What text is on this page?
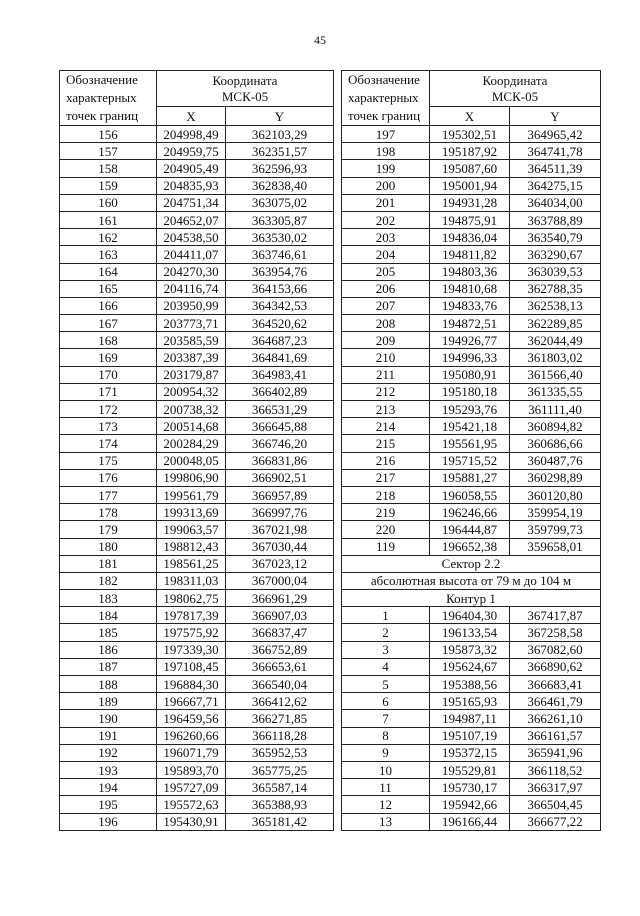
45
Обозначение
характерных
точек границ	Координата
МСК-05	
	X	Y
156	204998,49	362103,29
157	204959,75	362351,57
158	204905,49	362596,93
159	204835,93	362838,40
160	204751,34	363075,02
161	204652,07	363305,87
162	204538,50	363530,02
163	204411,07	363746,61
164	204270,30	363954,76
165	204116,74	364153,66
166	203950,99	364342,53
167	203773,71	364520,62
168	203585,59	364687,23
169	203387,39	364841,69
170	203179,87	364983,41
171	200954,32	366402,89
172	200738,32	366531,29
173	200514,68	366645,88
174	200284,29	366746,20
175	200048,05	366831,86
176	199806,90	366902,51
177	199561,79	366957,89
178	199313,69	366997,76
179	199063,57	367021,98
180	198812,43	367030,44
181	198561,25	367023,12
182	198311,03	367000,04
183	198062,75	366961,29
184	197817,39	366907,03
185	197575,92	366837,47
186	197339,30	366752,89
187	197108,45	366653,61
188	196884,30	366540,04
189	196667,71	366412,62
190	196459,56	366271,85
191	196260,66	366118,28
192	196071,79	365952,53
193	195893,70	365775,25
194	195727,09	365587,14
195	195572,63	365388,93
196	195430,91	365181,42
Обозначение
характерных
точек границ	Координата
МСК-05	
	X	Y
197	195302,51	364965,42
198	195187,92	364741,78
199	195087,60	364511,39
200	195001,94	364275,15
201	194931,28	364034,00
202	194875,91	363788,89
203	194836,04	363540,79
204	194811,82	363290,67
205	194803,36	363039,53
206	194810,68	362788,35
207	194833,76	362538,13
208	194872,51	362289,85
209	194926,77	362044,49
210	194996,33	361803,02
211	195080,91	361566,40
212	195180,18	361335,55
213	195293,76	361111,40
214	195421,18	360894,82
215	195561,95	360686,66
216	195715,52	360487,76
217	195881,27	360298,89
218	196058,55	360120,80
219	196246,66	359954,19
220	196444,87	359799,73
119	196652,38	359658,01
Сектор 2.2		
абсолютная высота от 79 м до 104 м		
Контур 1		
1	196404,30	367417,87
2	196133,54	367258,58
3	195873,32	367082,60
4	195624,67	366890,62
5	195388,56	366683,41
6	195165,93	366461,79
7	194987,11	366261,10
8	195107,19	366161,57
9	195372,15	365941,96
10	195529,81	366118,52
11	195730,17	366317,97
12	195942,66	366504,45
13	196166,44	366677,22
